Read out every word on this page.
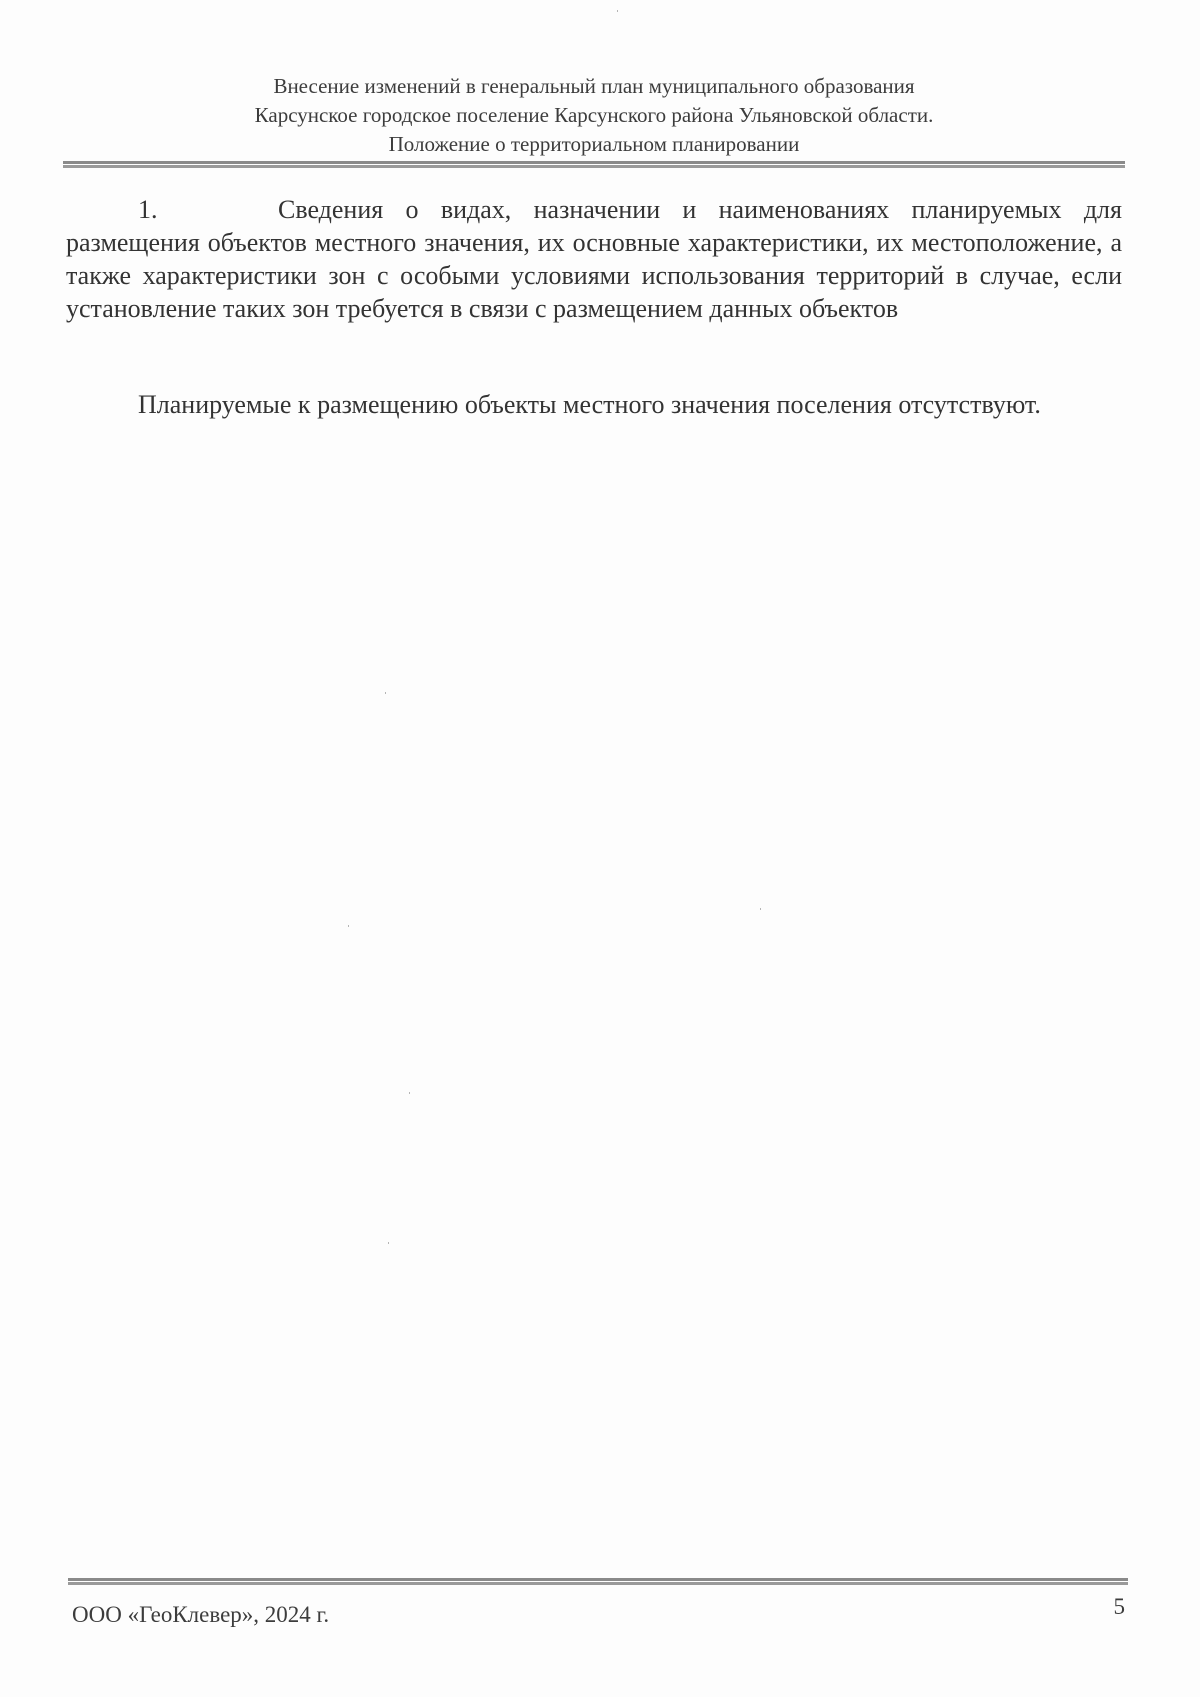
Внесение изменений в генеральный план муниципального образования
Карсунское городское поселение Карсунского района Ульяновской области.
Положение о территориальном планировании

1.	Сведения о видах, назначении и наименованиях планируемых для размещения объектов местного значения, их основные характеристики, их местоположение, а также характеристики зон с особыми условиями использования территорий в случае, если установление таких зон требуется в связи с размещением данных объектов

Планируемые к размещению объекты местного значения поселения отсутствуют.

ООО «ГеоКлевер», 2024 г.	5
